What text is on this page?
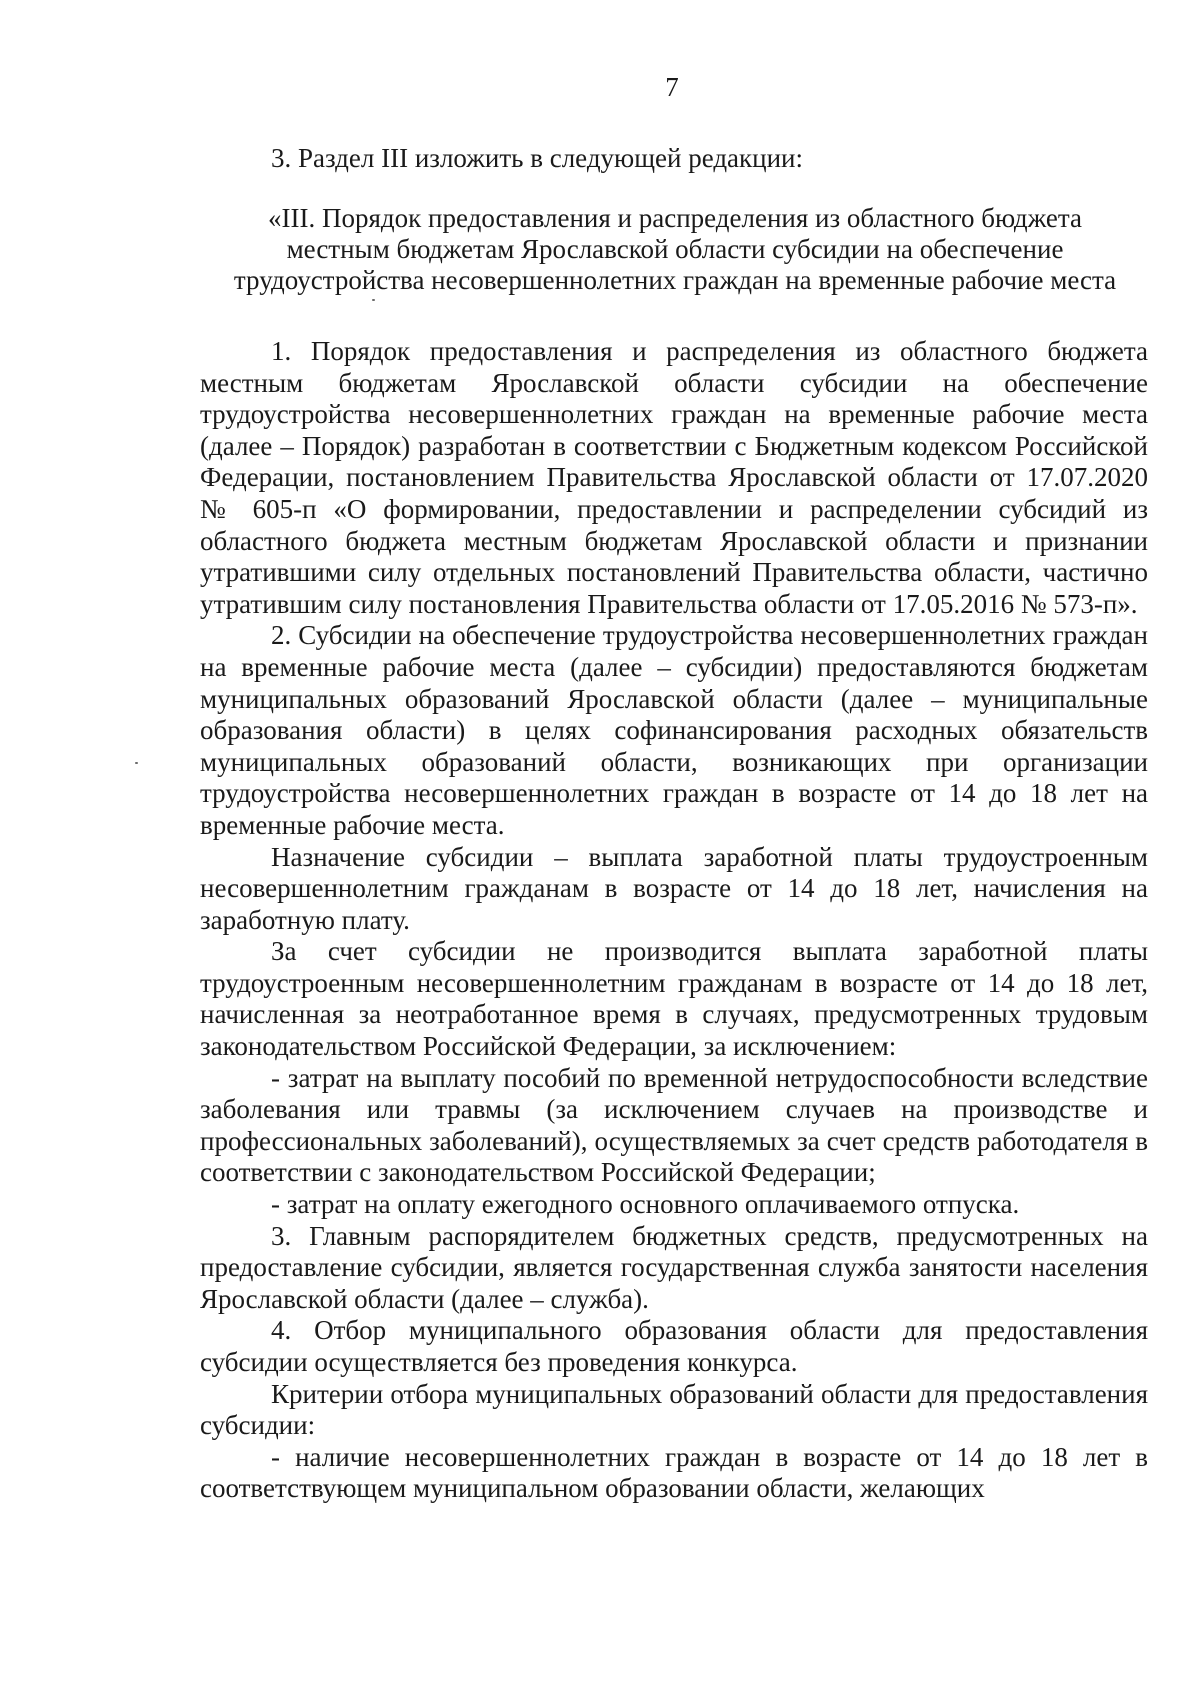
7
3. Раздел III изложить в следующей редакции:
«III. Порядок предоставления и распределения из областного бюджета
местным бюджетам Ярославской области субсидии на обеспечение
трудоустройства несовершеннолетних граждан на временные рабочие места

1. Порядок предоставления и распределения из областного бюджета местным бюджетам Ярославской области субсидии на обеспечение трудоустройства несовершеннолетних граждан на временные рабочие места (далее – Порядок) разработан в соответствии с Бюджетным кодексом Российской Федерации, постановлением Правительства Ярославской области от 17.07.2020 № 605-п «О формировании, предоставлении и распределении субсидий из областного бюджета местным бюджетам Ярославской области и признании утратившими силу отдельных постановлений Правительства области, частично утратившим силу постановления Правительства области от 17.05.2016 № 573-п».

2. Субсидии на обеспечение трудоустройства несовершеннолетних граждан на временные рабочие места (далее – субсидии) предоставляются бюджетам муниципальных образований Ярославской области (далее – муниципальные образования области) в целях софинансирования расходных обязательств муниципальных образований области, возникающих при организации трудоустройства несовершеннолетних граждан в возрасте от 14 до 18 лет на временные рабочие места.

Назначение субсидии – выплата заработной платы трудоустроенным несовершеннолетним гражданам в возрасте от 14 до 18 лет, начисления на заработную плату.

За счет субсидии не производится выплата заработной платы трудоустроенным несовершеннолетним гражданам в возрасте от 14 до 18 лет, начисленная за неотработанное время в случаях, предусмотренных трудовым законодательством Российской Федерации, за исключением:

- затрат на выплату пособий по временной нетрудоспособности вследствие заболевания или травмы (за исключением случаев на производстве и профессиональных заболеваний), осуществляемых за счет средств работодателя в соответствии с законодательством Российской Федерации;

- затрат на оплату ежегодного основного оплачиваемого отпуска.

3. Главным распорядителем бюджетных средств, предусмотренных на предоставление субсидии, является государственная служба занятости населения Ярославской области (далее – служба).

4. Отбор муниципального образования области для предоставления субсидии осуществляется без проведения конкурса.

Критерии отбора муниципальных образований области для предоставления субсидии:

- наличие несовершеннолетних граждан в возрасте от 14 до 18 лет в соответствующем муниципальном образовании области, желающих
